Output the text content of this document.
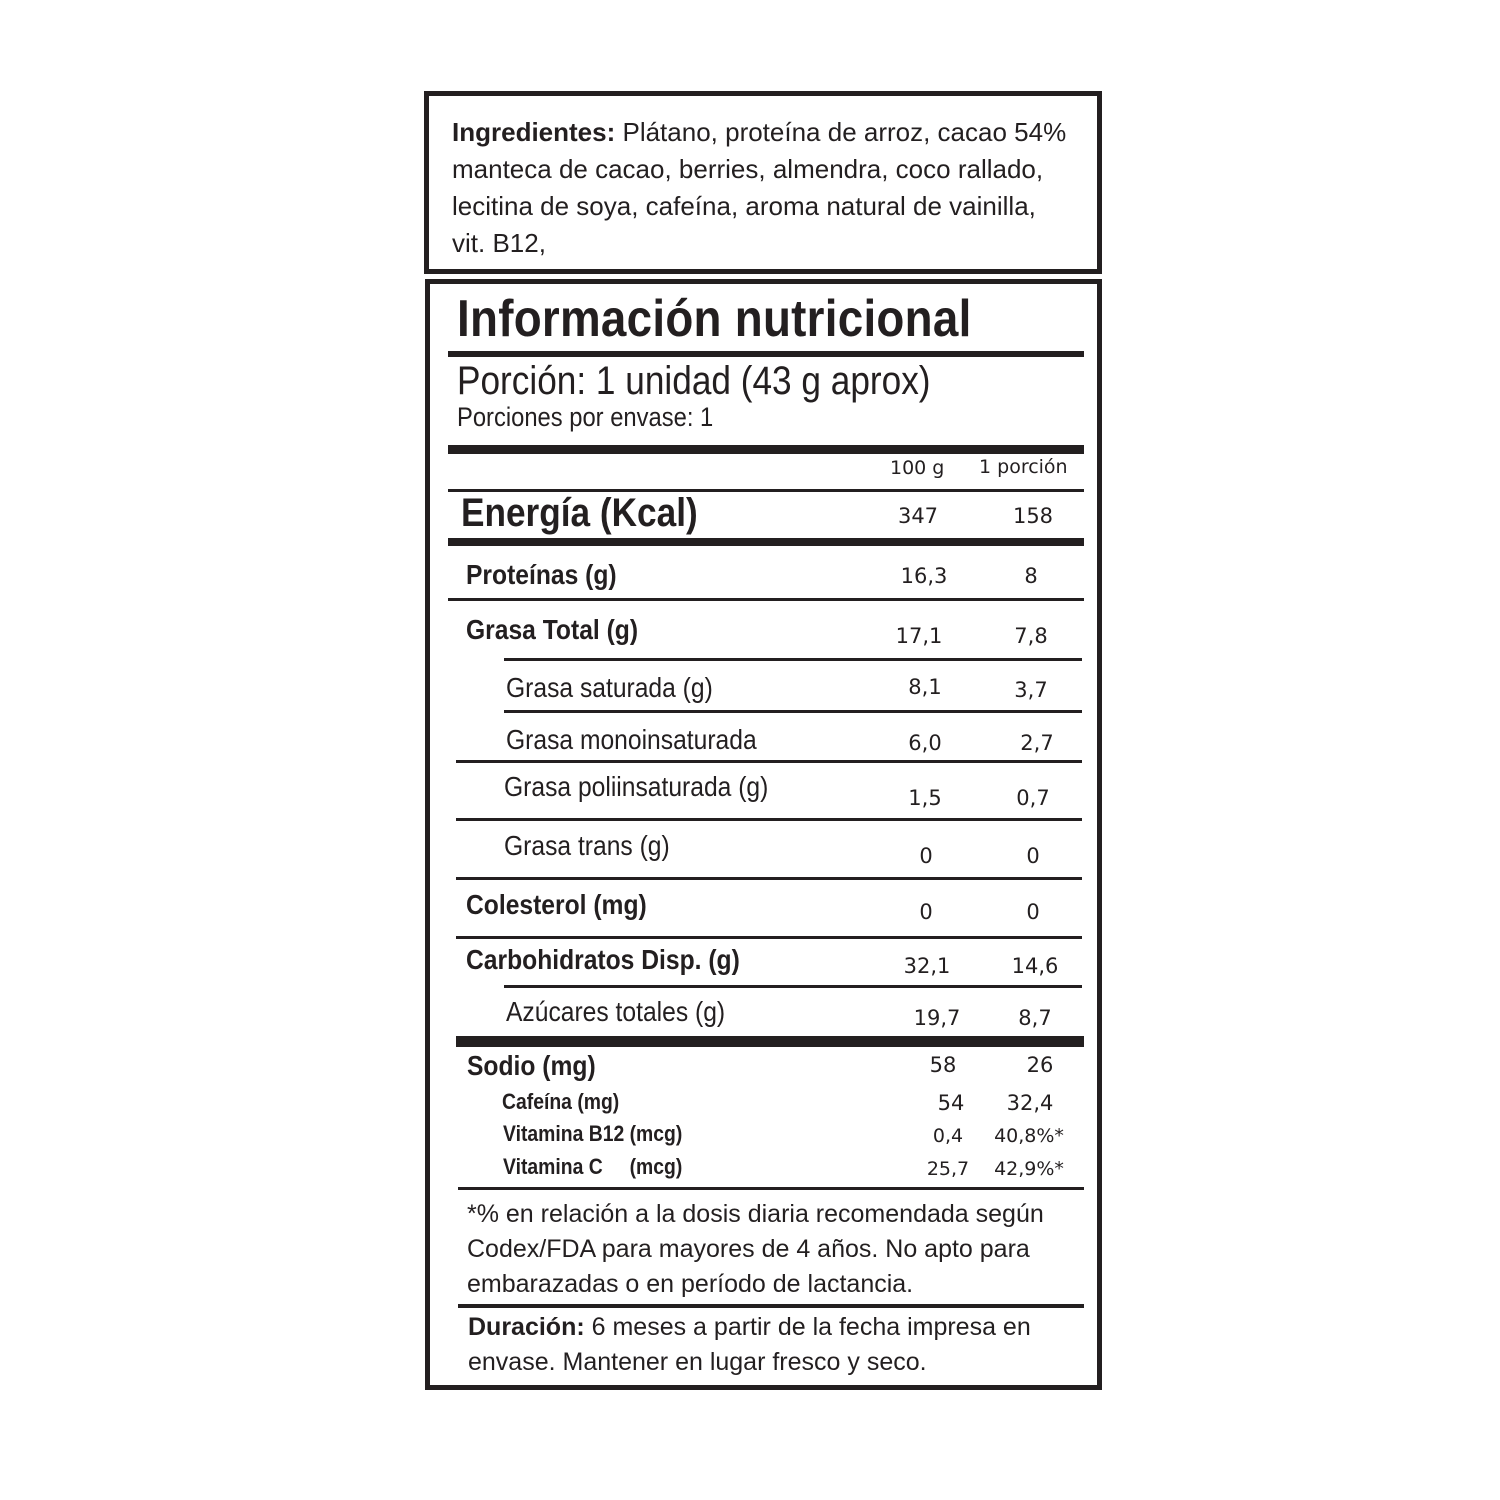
Ingredientes: Plátano, proteína de arroz, cacao 54%
manteca de cacao, berries, almendra, coco rallado,
lecitina de soya, cafeína, aroma natural de vainilla,
vit. B12,
Información nutricional
Porción: 1 unidad (43 g aprox)
Porciones por envase: 1
100 g 1 porción
Energía (Kcal)	347	158
Proteínas (g)	16,3	8
Grasa Total (g)	17,1	7,8
Grasa saturada (g)	8,1	3,7
Grasa monoinsaturada	6,0	2,7
Grasa poliinsaturada (g)	1,5	0,7
Grasa trans (g)	0	0
Colesterol (mg)	0	0
Carbohidratos Disp. (g)	32,1	14,6
Azúcares totales (g)	19,7	8,7
Sodio (mg)	58	26
Cafeína (mg)	54 32,4
Vitamina B12 (mcg)	0,4 40,8%*
Vitamina C     (mcg)	25,7 42,9%*
*% en relación a la dosis diaria recomendada según
Codex/FDA para mayores de 4 años. No apto para
embarazadas o en período de lactancia.
Duración: 6 meses a partir de la fecha impresa en
envase. Mantener en lugar fresco y seco.
